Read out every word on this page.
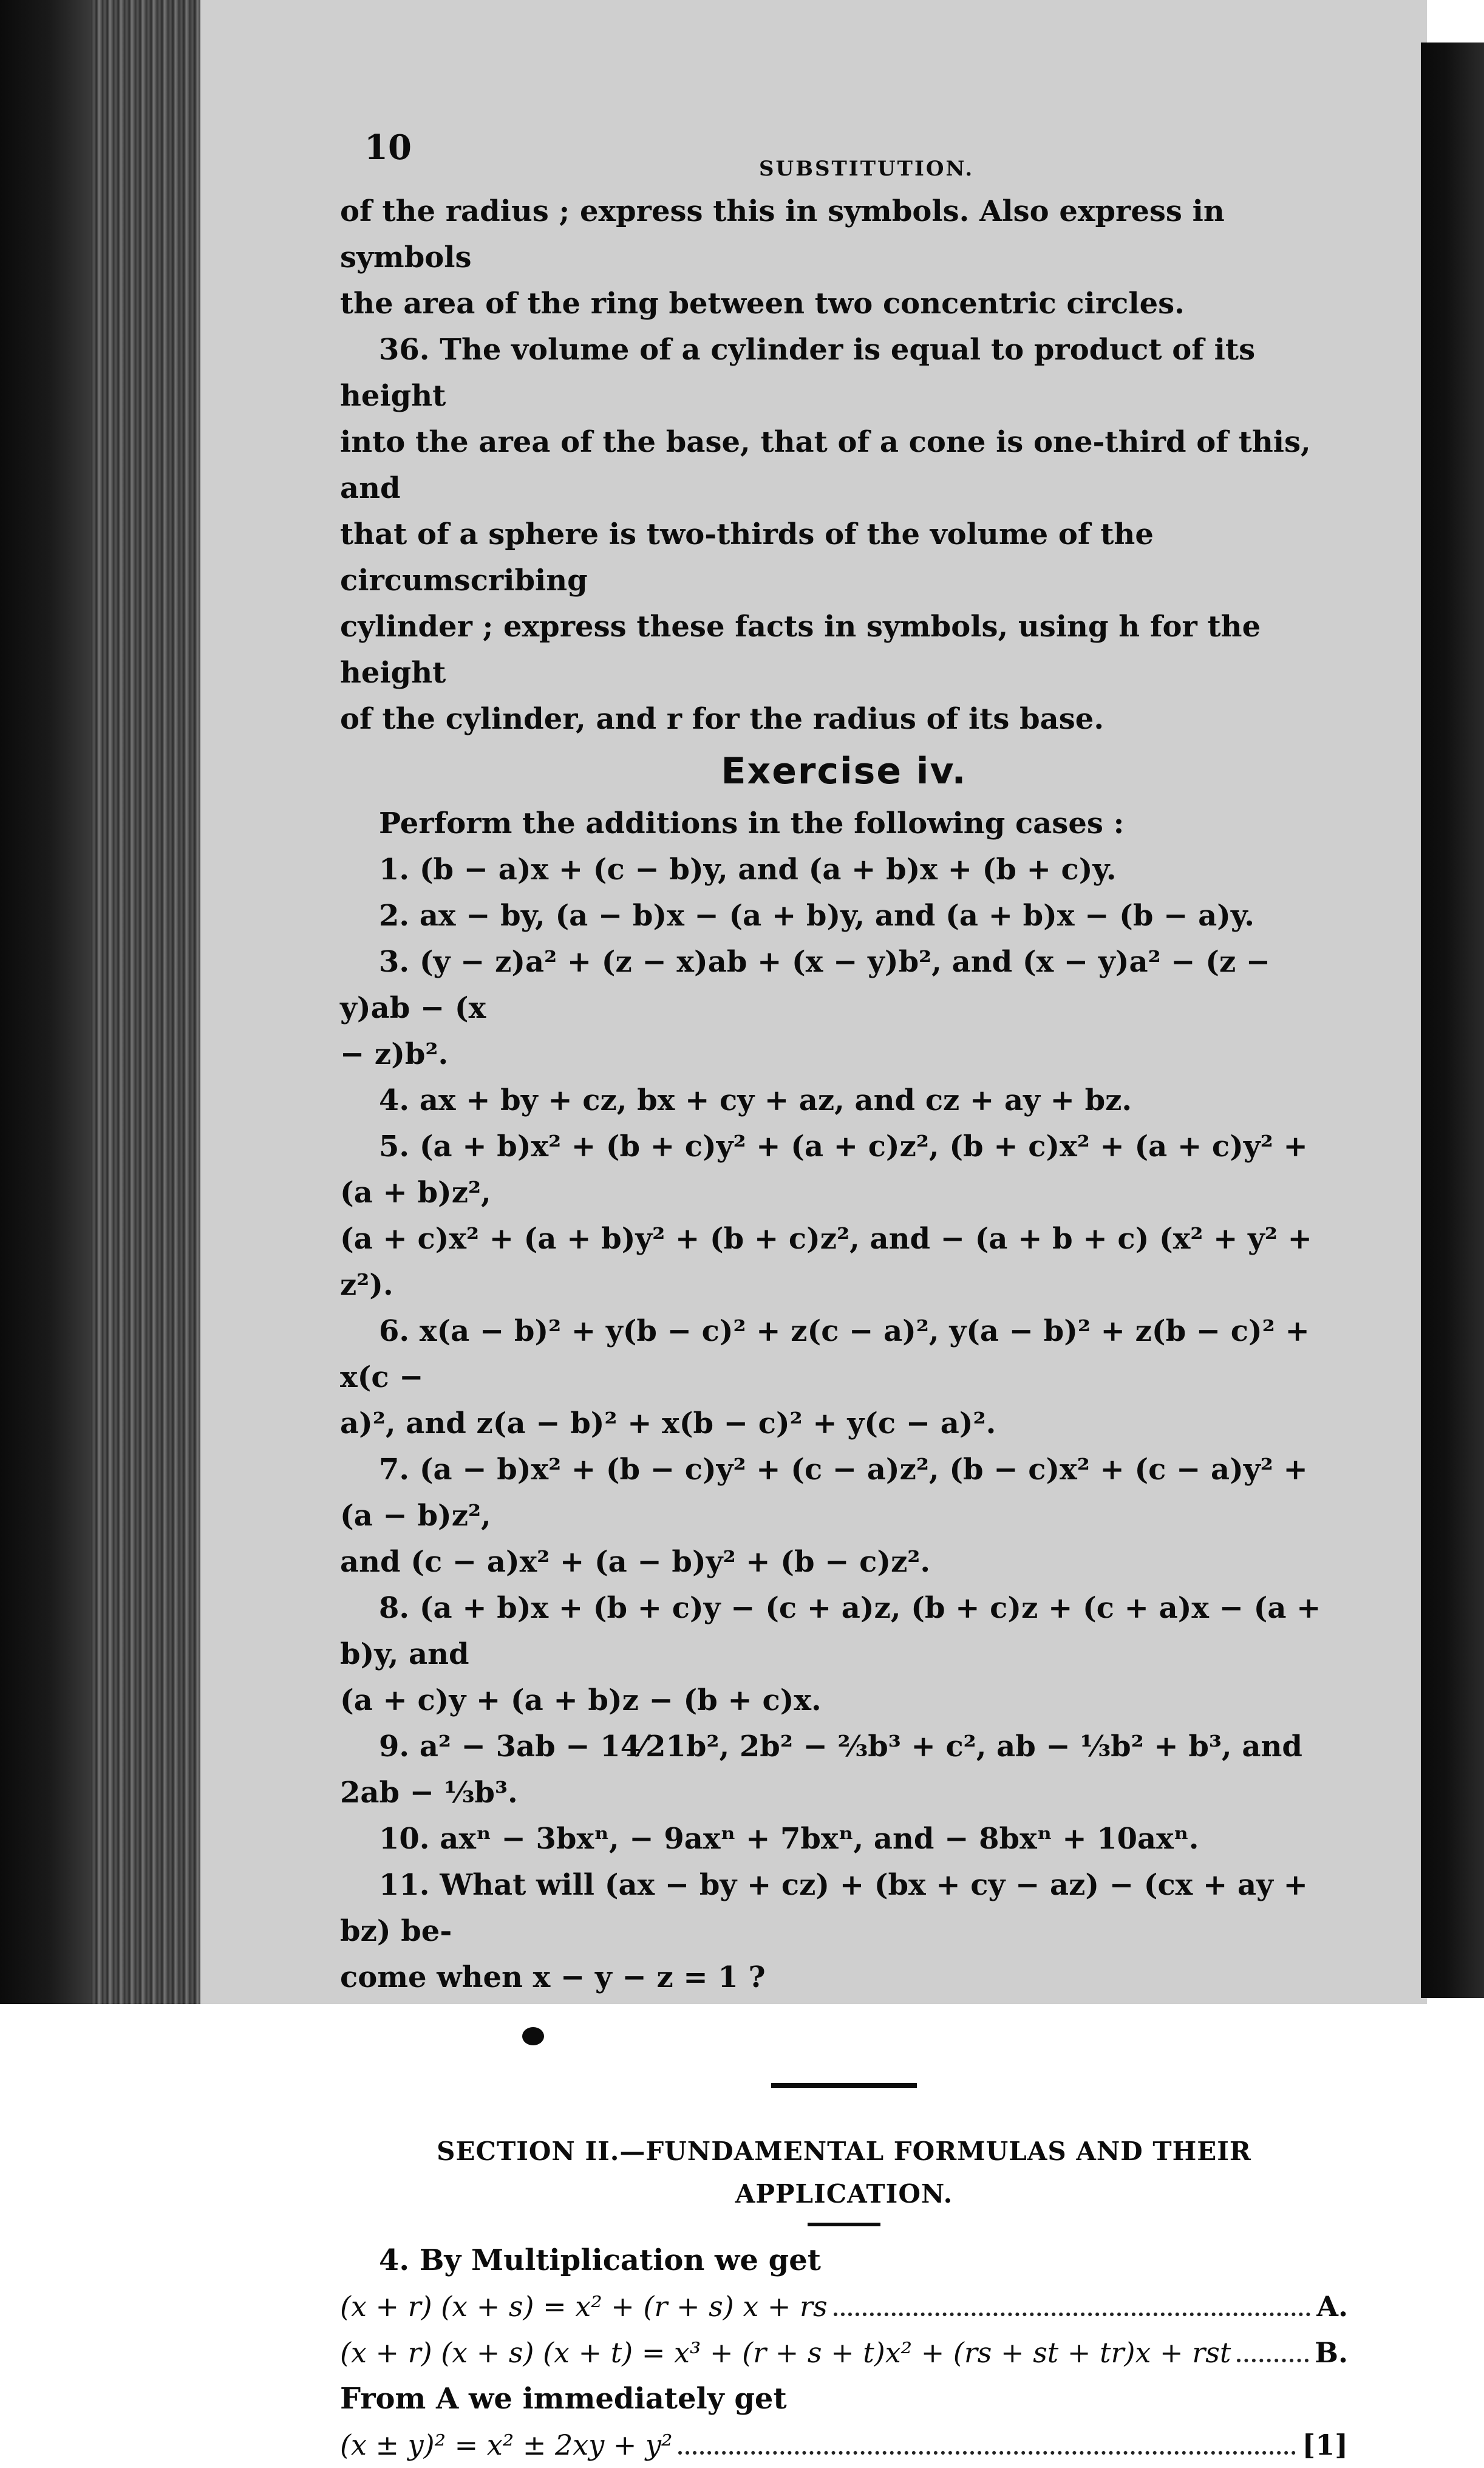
10
SUBSTITUTION.

of the radius ; express this in symbols. Also express in symbols

the area of the ring between two concentric circles.

36. The volume of a cylinder is equal to product of its height

into the area of the base, that of a cone is one-third of this, and

that of a sphere is two-thirds of the volume of the circumscribing

cylinder ; express these facts in symbols, using h for the height

of the cylinder, and r for the radius of its base.

Exercise iv.

Perform the additions in the following cases :

1. (b − a)x + (c − b)y, and (a + b)x + (b + c)y.

2. ax − by, (a − b)x − (a + b)y, and (a + b)x − (b − a)y.

3. (y − z)a² + (z − x)ab + (x − y)b², and (x − y)a² − (z − y)ab − (x

− z)b².

4. ax + by + cz, bx + cy + az, and cz + ay + bz.

5. (a + b)x² + (b + c)y² + (a + c)z², (b + c)x² + (a + c)y² + (a + b)z²,

(a + c)x² + (a + b)y² + (b + c)z², and − (a + b + c) (x² + y² + z²).

6. x(a − b)² + y(b − c)² + z(c − a)², y(a − b)² + z(b − c)² + x(c −

a)², and z(a − b)² + x(b − c)² + y(c − a)².

7. (a − b)x² + (b − c)y² + (c − a)z², (b − c)x² + (c − a)y² + (a − b)z²,

and (c − a)x² + (a − b)y² + (b − c)z².

8. (a + b)x + (b + c)y − (c + a)z, (b + c)z + (c + a)x − (a + b)y, and

(a + c)y + (a + b)z − (b + c)x.

9. a² − 3ab − 14⁄21b², 2b² − ⅔b³ + c², ab − ⅓b² + b³, and 2ab − ⅓b³.

10. axⁿ − 3bxⁿ, − 9axⁿ + 7bxⁿ, and − 8bxⁿ + 10axⁿ.

11. What will (ax − by + cz) + (bx + cy − az) − (cx + ay + bz) be-

come when x − y − z = 1 ?

SECTION II.—FUNDAMENTAL FORMULAS AND THEIR APPLICATION.

4. By Multiplication we get

(x + r) (x + s) = x² + (r + s) x + rs	A.
(x + r) (x + s) (x + t) = x³ + (r + s + t)x² + (rs + st + tr)x + rst	B.

From A we immediately get

(x ± y)² = x² ± 2xy + y²	[1]
